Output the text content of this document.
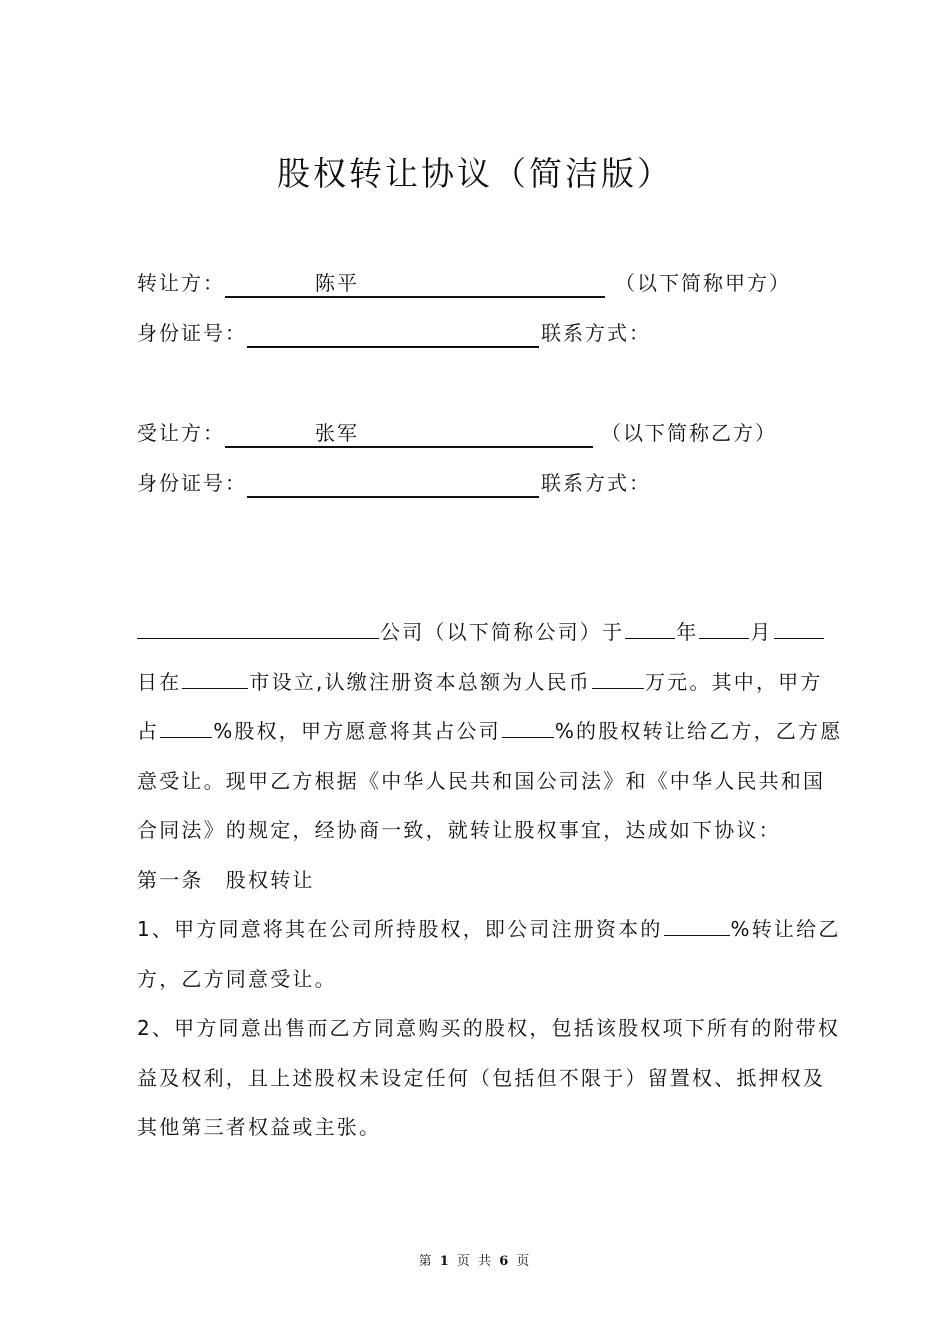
股权转让协议（简洁版）
转让方：	陈平	（以下简称甲方）
身份证号：	联系方式：
受让方：	张军	（以下简称乙方）
身份证号：	联系方式：
公司（以下简称公司）于	年	月
日在	市设立,认缴注册资本总额为人民币	万元。其中，甲方
占	%股权，甲方愿意将其占公司	%的股权转让给乙方，乙方愿
意受让。现甲乙方根据《中华人民共和国公司法》和《中华人民共和国
合同法》的规定，经协商一致，就转让股权事宜，达成如下协议：
第一条　股权转让
1、甲方同意将其在公司所持股权，即公司注册资本的	%转让给乙
方，乙方同意受让。
2、甲方同意出售而乙方同意购买的股权，包括该股权项下所有的附带权
益及权利，且上述股权未设定任何（包括但不限于）留置权、抵押权及
其他第三者权益或主张。
第 1 页 共 6 页
